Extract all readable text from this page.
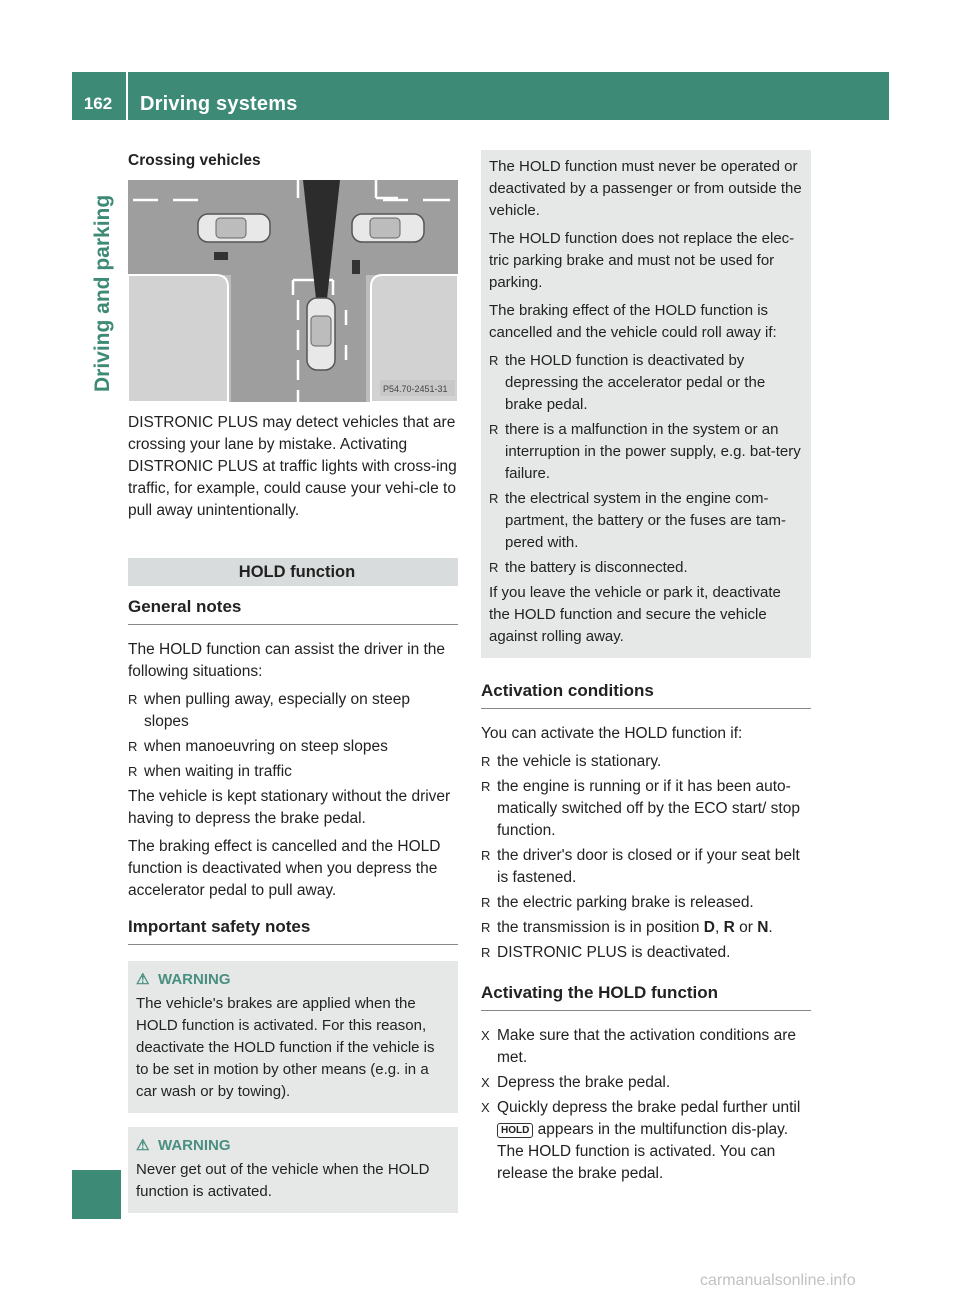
162	Driving systems
Driving and parking
Crossing vehicles
P54.70-2451-31

DISTRONIC PLUS may detect vehicles that are crossing your lane by mistake. Activating DISTRONIC PLUS at traffic lights with cross-ing traffic, for example, could cause your vehi-cle to pull away unintentionally.

HOLD function
General notes

The HOLD function can assist the driver in the following situations:

R when pulling away, especially on steep slopes
R when manoeuvring on steep slopes
R when waiting in traffic

The vehicle is kept stationary without the driver having to depress the brake pedal.

The braking effect is cancelled and the HOLD function is deactivated when you depress the accelerator pedal to pull away.

Important safety notes
⚠ WARNING
The vehicle's brakes are applied when the HOLD function is activated. For this reason, deactivate the HOLD function if the vehicle is to be set in motion by other means (e.g. in a car wash or by towing).
⚠ WARNING
Never get out of the vehicle when the HOLD function is activated.

The HOLD function must never be operated or deactivated by a passenger or from outside the vehicle.

The HOLD function does not replace the elec-tric parking brake and must not be used for parking.

The braking effect of the HOLD function is cancelled and the vehicle could roll away if:

R the HOLD function is deactivated by depressing the accelerator pedal or the brake pedal.
R there is a malfunction in the system or an interruption in the power supply, e.g. bat-tery failure.
R the electrical system in the engine com-partment, the battery or the fuses are tam-pered with.
R the battery is disconnected.

If you leave the vehicle or park it, deactivate the HOLD function and secure the vehicle against rolling away.

Activation conditions

You can activate the HOLD function if:

R the vehicle is stationary.
R the engine is running or if it has been auto-matically switched off by the ECO start/ stop function.
R the driver's door is closed or if your seat belt is fastened.
R the electric parking brake is released.
R the transmission is in position D, R or N.
R DISTRONIC PLUS is deactivated.
Activating the HOLD function
X Make sure that the activation conditions are met.
X Depress the brake pedal.
X Quickly depress the brake pedal further until HOLD appears in the multifunction dis-play.
The HOLD function is activated. You can release the brake pedal.
carmanualsonline.info
